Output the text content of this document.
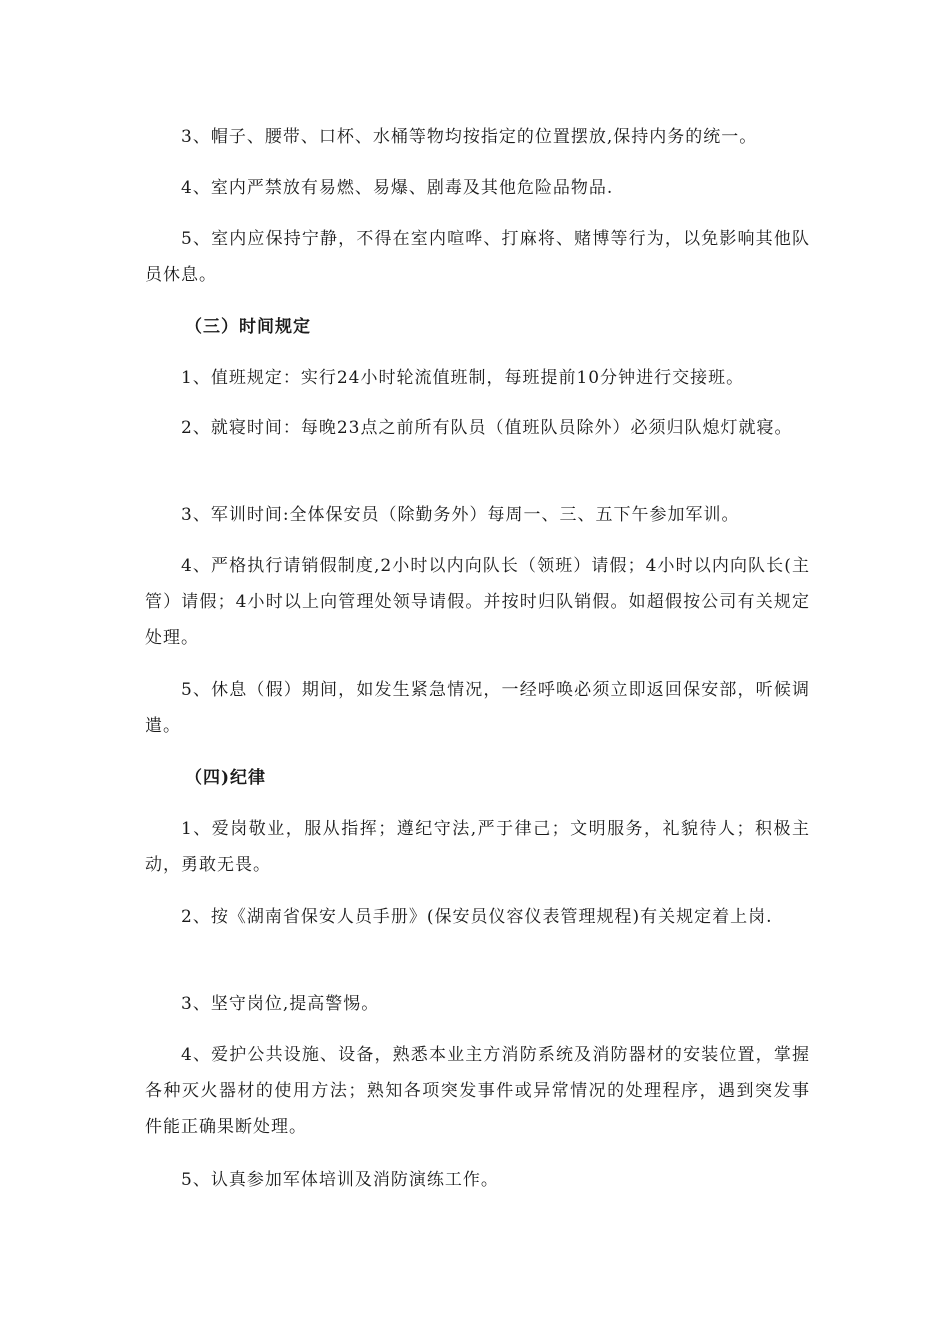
3、帽子、腰带、口杯、水桶等物均按指定的位置摆放,保持内务的统一。

4、室内严禁放有易燃、易爆、剧毒及其他危险品物品.

5、室内应保持宁静，不得在室内喧哗、打麻将、赌博等行为，以免影响其他队员休息。

（三）时间规定

1、值班规定：实行24小时轮流值班制，每班提前10分钟进行交接班。

2、就寝时间：每晚23点之前所有队员（值班队员除外）必须归队熄灯就寝。

3、军训时间:全体保安员（除勤务外）每周一、三、五下午参加军训。

4、严格执行请销假制度,2小时以内向队长（领班）请假；4小时以内向队长(主管）请假；4小时以上向管理处领导请假。并按时归队销假。如超假按公司有关规定处理。

5、休息（假）期间，如发生紧急情况，一经呼唤必须立即返回保安部，听候调遣。

（四)纪律

1、爱岗敬业，服从指挥；遵纪守法,严于律己；文明服务，礼貌待人；积极主动，勇敢无畏。

2、按《湖南省保安人员手册》(保安员仪容仪表管理规程)有关规定着上岗.

3、坚守岗位,提高警惕。

4、爱护公共设施、设备，熟悉本业主方消防系统及消防器材的安装位置，掌握各种灭火器材的使用方法；熟知各项突发事件或异常情况的处理程序，遇到突发事件能正确果断处理。

5、认真参加军体培训及消防演练工作。
